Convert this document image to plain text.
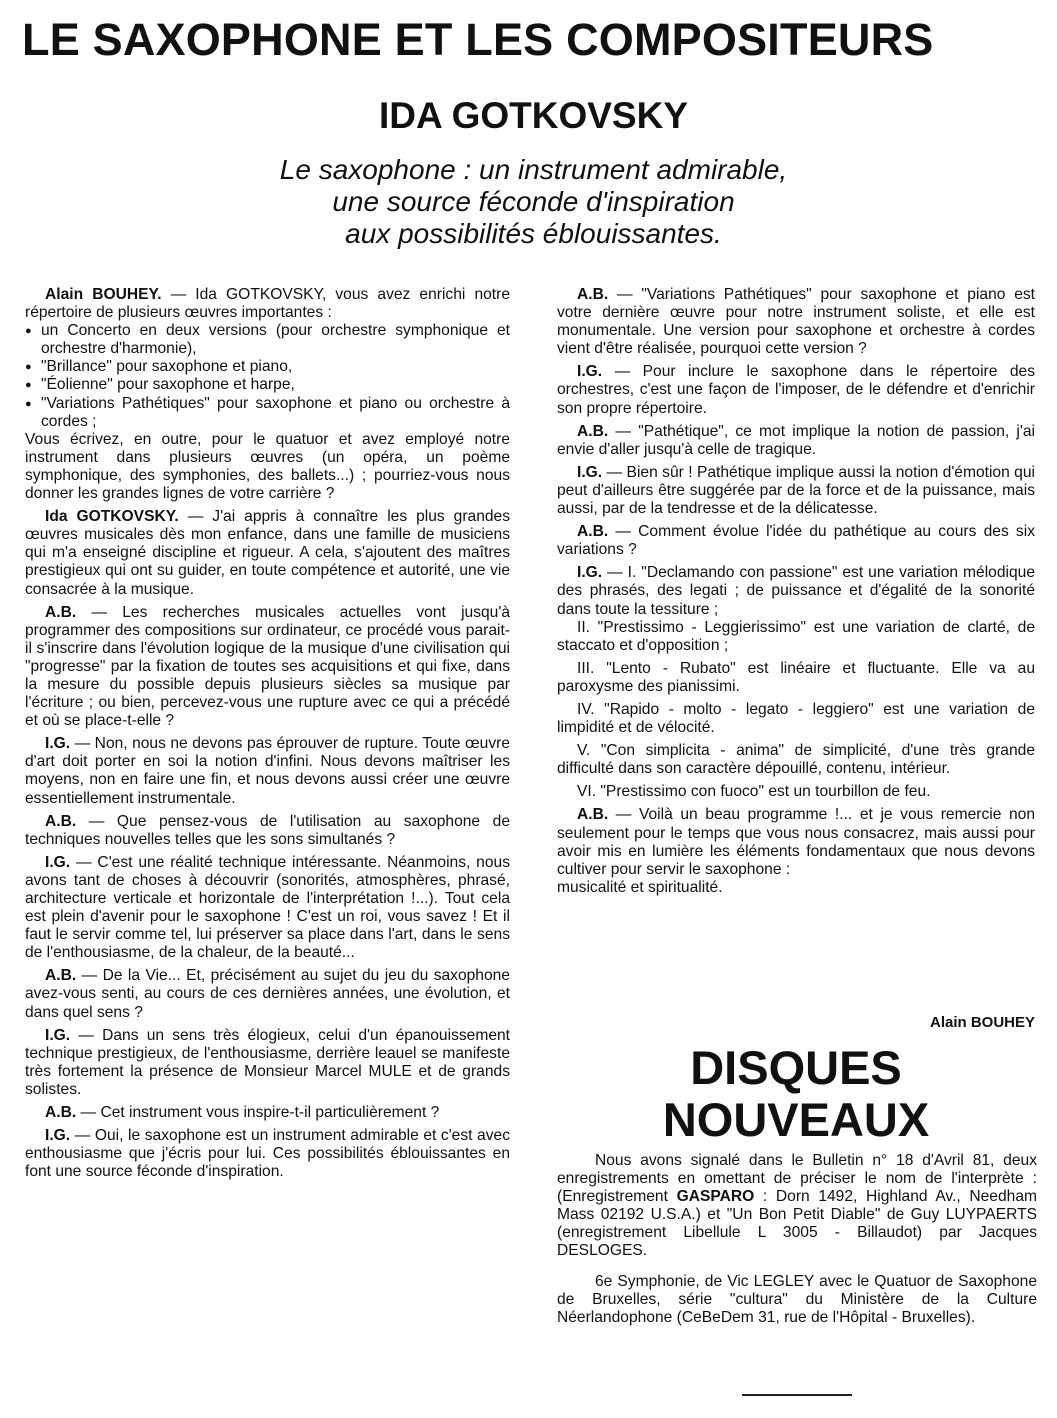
LE SAXOPHONE ET LES COMPOSITEURS
IDA GOTKOVSKY
Le saxophone : un instrument admirable,
une source féconde d'inspiration
aux possibilités éblouissantes.

Alain BOUHEY. — Ida GOTKOVSKY, vous avez enrichi notre répertoire de plusieurs œuvres importantes :

● un Concerto en deux versions (pour orchestre symphonique et orchestre d'harmonie),
● "Brillance" pour saxophone et piano,
● "Éolienne" pour saxophone et harpe,
● "Variations Pathétiques" pour saxophone et piano ou orchestre à cordes ;

Vous écrivez, en outre, pour le quatuor et avez employé notre instrument dans plusieurs œuvres (un opéra, un poème symphonique, des symphonies, des ballets...) ; pourriez-vous nous donner les grandes lignes de votre carrière ?

Ida GOTKOVSKY. — J'ai appris à connaître les plus grandes œuvres musicales dès mon enfance, dans une famille de musiciens qui m'a enseigné discipline et rigueur. A cela, s'ajoutent des maîtres prestigieux qui ont su guider, en toute compétence et autorité, une vie consacrée à la musique.

A.B. — Les recherches musicales actuelles vont jusqu'à programmer des compositions sur ordinateur, ce procédé vous parait-il s'inscrire dans l'évolution logique de la musique d'une civilisation qui "progresse" par la fixation de toutes ses acquisitions et qui fixe, dans la mesure du possible depuis plusieurs siècles sa musique par l'écriture ; ou bien, percevez-vous une rupture avec ce qui a précédé et où se place-t-elle ?

I.G. — Non, nous ne devons pas éprouver de rupture. Toute œuvre d'art doit porter en soi la notion d'infini. Nous devons maîtriser les moyens, non en faire une fin, et nous devons aussi créer une œuvre essentiellement instrumentale.

A.B. — Que pensez-vous de l'utilisation au saxophone de techniques nouvelles telles que les sons simultanés ?

I.G. — C'est une réalité technique intéressante. Néanmoins, nous avons tant de choses à découvrir (sonorités, atmosphères, phrasé, architecture verticale et horizontale de l'interprétation !...). Tout cela est plein d'avenir pour le saxophone ! C'est un roi, vous savez ! Et il faut le servir comme tel, lui préserver sa place dans l'art, dans le sens de l'enthousiasme, de la chaleur, de la beauté...

A.B. — De la Vie... Et, précisément au sujet du jeu du saxophone avez-vous senti, au cours de ces dernières années, une évolution, et dans quel sens ?

I.G. — Dans un sens très élogieux, celui d'un épanouissement technique prestigieux, de l'enthousiasme, derrière leauel se manifeste très fortement la présence de Monsieur Marcel MULE et de grands solistes.

A.B. — Cet instrument vous inspire-t-il particulièrement ?

I.G. — Oui, le saxophone est un instrument admirable et c'est avec enthousiasme que j'écris pour lui. Ces possibilités éblouissantes en font une source féconde d'inspiration.

A.B. — "Variations Pathétiques" pour saxophone et piano est votre dernière œuvre pour notre instrument soliste, et elle est monumentale. Une version pour saxophone et orchestre à cordes vient d'être réalisée, pourquoi cette version ?

I.G. — Pour inclure le saxophone dans le répertoire des orchestres, c'est une façon de l'imposer, de le défendre et d'enrichir son propre répertoire.

A.B. — "Pathétique", ce mot implique la notion de passion, j'ai envie d'aller jusqu'à celle de tragique.

I.G. — Bien sûr ! Pathétique implique aussi la notion d'émotion qui peut d'ailleurs être suggérée par de la force et de la puissance, mais aussi, par de la tendresse et de la délicatesse.

A.B. — Comment évolue l'idée du pathétique au cours des six variations ?

I.G. — I. "Declamando con passione" est une variation mélodique des phrasés, des legati ; de puissance et d'égalité de la sonorité dans toute la tessiture ;

II. "Prestissimo - Leggierissimo" est une variation de clarté, de staccato et d'opposition ;

III. "Lento - Rubato" est linéaire et fluctuante. Elle va au paroxysme des pianissimi.

IV. "Rapido - molto - legato - leggiero" est une variation de limpidité et de vélocité.

V. "Con simplicita - anima" de simplicité, d'une très grande difficulté dans son caractère dépouillé, contenu, intérieur.

VI. "Prestissimo con fuoco" est un tourbillon de feu.

A.B. — Voilà un beau programme !... et je vous remercie non seulement pour le temps que vous nous consacrez, mais aussi pour avoir mis en lumière les éléments fondamentaux que nous devons cultiver pour servir le saxophone :

musicalité et spiritualité.

Alain BOUHEY
DISQUES
NOUVEAUX

Nous avons signalé dans le Bulletin n° 18 d'Avril 81, deux enregistrements en omettant de préciser le nom de l'interprète : (Enregistrement GASPARO : Dorn 1492, Highland Av., Needham Mass 02192 U.S.A.) et "Un Bon Petit Diable" de Guy LUYPAERTS (enregistrement Libellule L 3005 - Billaudot) par Jacques DESLOGES.

6e Symphonie, de Vic LEGLEY avec le Quatuor de Saxophone de Bruxelles, série "cultura" du Ministère de la Culture Néerlandophone (CeBeDem 31, rue de l'Hôpital - Bruxelles).
